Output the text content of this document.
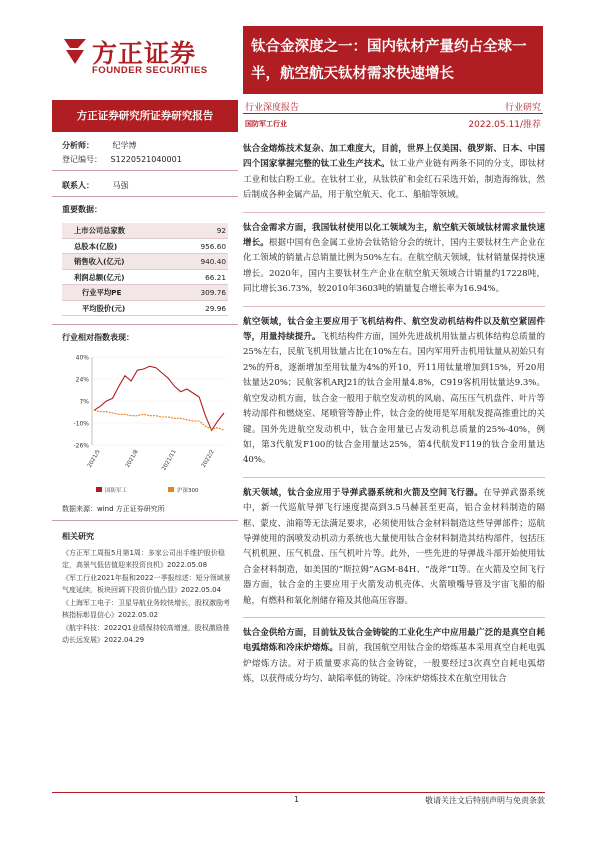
方正证券
FOUNDER SECURITIES
钛合金深度之一：国内钛材产量约占全球一
半，航空航天钛材需求快速增长
方正证券研究所证券研究报告
行业深度报告	行业研究
国防军工行业	2022.05.11/推荐
分析师： 纪学博
登记编号： S1220521040001
联系人： 马强
重要数据：
上市公司总家数	92
总股本(亿股)	956.60
销售收入(亿元)	940.40
利润总额(亿元)	66.21
行业平均PE	309.76
平均股价(元)	29.96
行业相对指数表现：
40%
24%
7%
-10%
-26%
2021/5	2021/8	2021/11	2022/2
国防军工	沪深300
数据来源：wind 方正证券研究所
相关研究
《方正军工周报5月第1周：多家公司出手维护股价稳定，高景气低估值迎来投资良机》2022.05.08
《军工行业2021年报和2022一季报综述：短分领域景气度延续，板块回调下投资价值凸显》2022.05.04
《上海军工电子：卫星导航业务较快增长，股权激励考核指标彰显信心》2022.05.02
《航宇科技：2022Q1业绩保持较高增速，股权激励推动长远发展》2022.04.29

钛合金熔炼技术复杂、加工难度大，目前，世界上仅美国、俄罗斯、日本、中国四个国家掌握完整的钛工业生产技术。钛工业产业链有两条不同的分支，即钛材工业和钛白粉工业。在钛材工业，从钛铁矿和金红石采选开始，制造海绵钛，然后制成各种金属产品，用于航空航天、化工、船舶等领域。

钛合金需求方面，我国钛材使用以化工领域为主，航空航天领域钛材需求量快速增长。根据中国有色金属工业协会钛锆铪分会的统计，国内主要钛材生产企业在化工领域的销量占总销量比例为50%左右。在航空航天领域，钛材销量保持快速增长。2020年，国内主要钛材生产企业在航空航天领域合计销量约17228吨，同比增长36.73%，较2010年3603吨的销量复合增长率为16.94%。

航空领域，钛合金主要应用于飞机结构件、航空发动机结构件以及航空紧固件等，用量持续提升。飞机结构件方面，国外先进战机用钛量占机体结构总质量的25%左右，民航飞机用钛量占比在10%左右。国内军用歼击机用钛量从初始只有2%的歼8，逐渐增加至用钛量为4%的歼10，歼11用钛量增加到15%，歼20用钛量达20%；民航客机ARJ21的钛合金用量4.8%，C919客机用钛量达9.3%。航空发动机方面，钛合金一般用于航空发动机的风扇、高压压气机盘件、叶片等转动部件和燃烧室、尾喷管等静止件，钛合金的使用是军用航发提高推重比的关键。国外先进航空发动机中，钛合金用量已占发动机总质量的25%-40%，例如，第3代航发F100的钛合金用量达25%，第4代航发F119的钛合金用量达40%。

航天领域，钛合金应用于导弹武器系统和火箭及空间飞行器。在导弹武器系统中，新一代巡航导弹飞行速度提高到3.5马赫甚至更高，铝合金材料制造的隔框、蒙皮、油箱等无法满足要求，必须使用钛合金材料制造这些导弹部件；巡航导弹使用的涡喷发动机动力系统也大量使用钛合金材料制造其结构部件，包括压气机机匣、压气机盘、压气机叶片等。此外，一些先进的导弹战斗部开始使用钛合金材料制造，如美国的“斯拉姆”AGM-84H、“战斧”II等。在火箭及空间飞行器方面，钛合金的主要应用于火箭发动机壳体、火箭喷嘴导管及宇宙飞船的船舱，有燃料和氧化剂储存箱及其他高压容器。

钛合金供给方面，目前钛及钛合金铸锭的工业化生产中应用最广泛的是真空自耗电弧熔炼和冷床炉熔炼。目前，我国航空用钛合金的熔炼基本采用真空自耗电弧炉熔炼方法。对于质量要求高的钛合金铸锭，一般要经过3次真空自耗电弧熔炼，以获得成分均匀、缺陷率低的铸锭。冷床炉熔炼技术在航空用钛合

1	敬请关注文后特别声明与免责条款
